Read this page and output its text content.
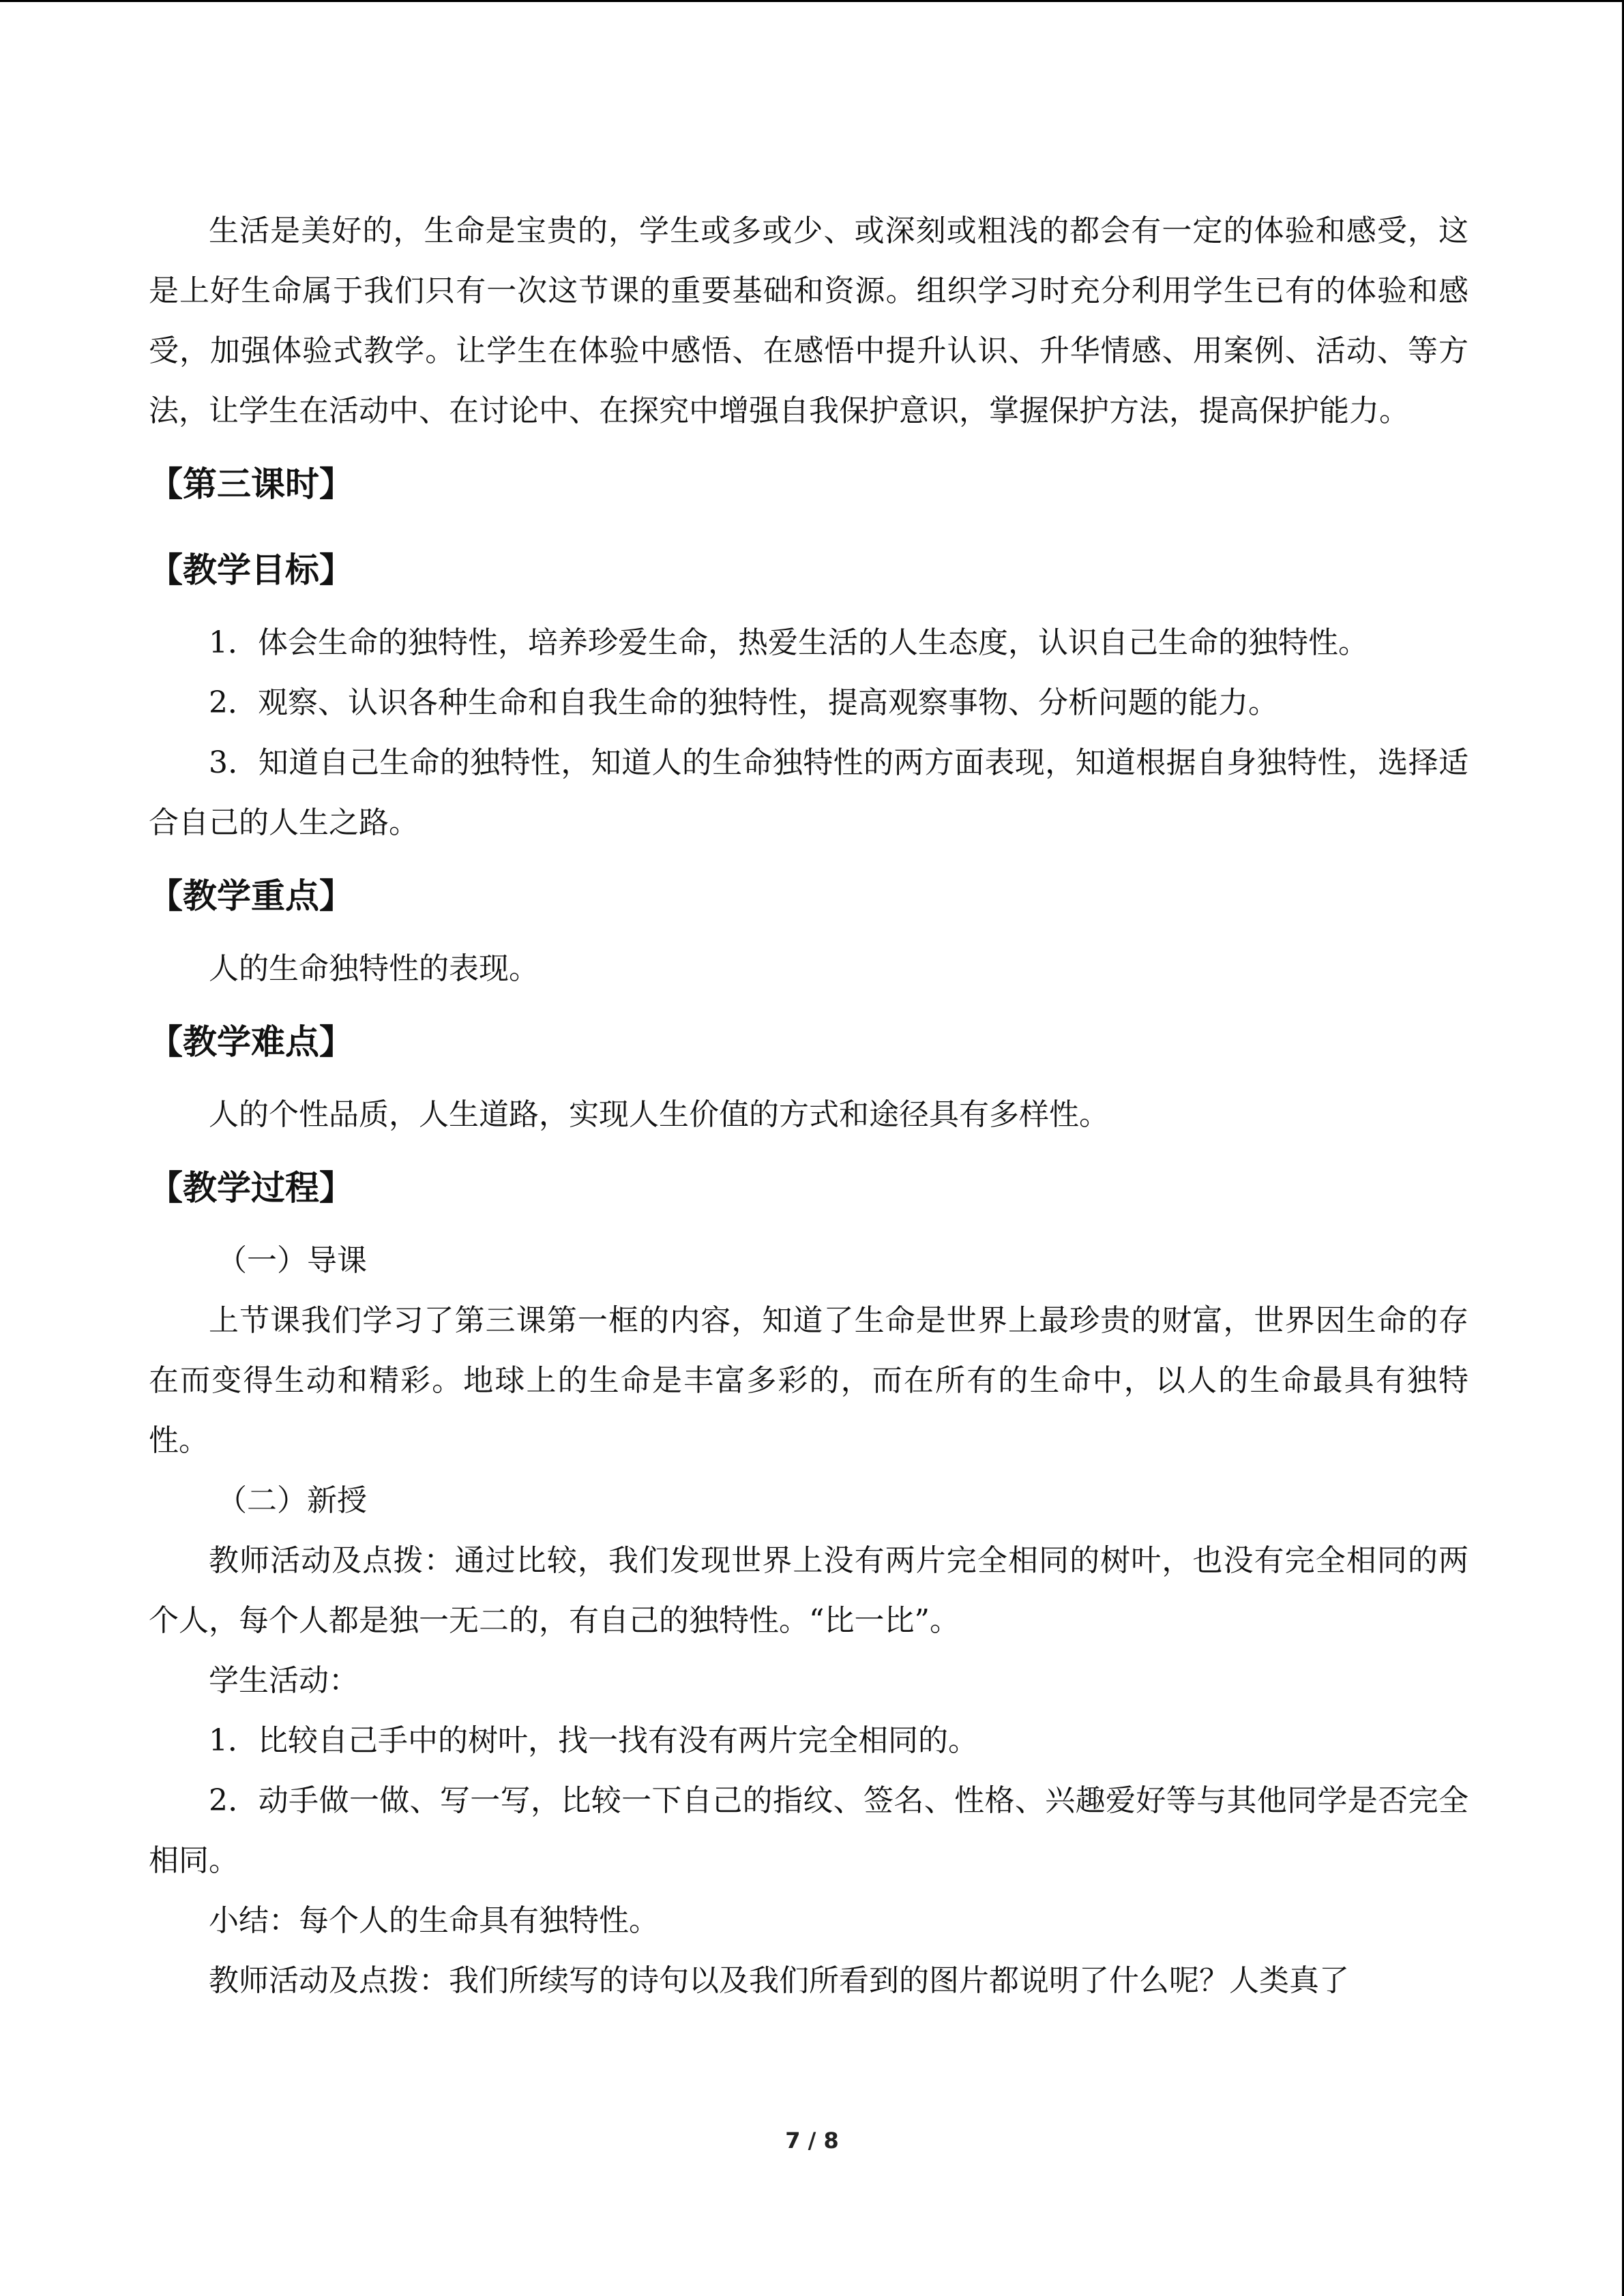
生活是美好的，生命是宝贵的，学生或多或少、或深刻或粗浅的都会有一定的体验和感受，这是上好生命属于我们只有一次这节课的重要基础和资源。组织学习时充分利用学生已有的体验和感受，加强体验式教学。让学生在体验中感悟、在感悟中提升认识、升华情感、用案例、活动、等方法，让学生在活动中、在讨论中、在探究中增强自我保护意识，掌握保护方法，提高保护能力。

【第三课时】

【教学目标】

1．体会生命的独特性，培养珍爱生命，热爱生活的人生态度，认识自己生命的独特性。

2．观察、认识各种生命和自我生命的独特性，提高观察事物、分析问题的能力。

3．知道自己生命的独特性，知道人的生命独特性的两方面表现，知道根据自身独特性，选择适合自己的人生之路。

【教学重点】

人的生命独特性的表现。

【教学难点】

人的个性品质，人生道路，实现人生价值的方式和途径具有多样性。

【教学过程】

（一）导课

上节课我们学习了第三课第一框的内容，知道了生命是世界上最珍贵的财富，世界因生命的存在而变得生动和精彩。地球上的生命是丰富多彩的，而在所有的生命中，以人的生命最具有独特性。

（二）新授

教师活动及点拨：通过比较，我们发现世界上没有两片完全相同的树叶，也没有完全相同的两个人，每个人都是独一无二的，有自己的独特性。“比一比”。

学生活动：

1．比较自己手中的树叶，找一找有没有两片完全相同的。

2．动手做一做、写一写，比较一下自己的指纹、签名、性格、兴趣爱好等与其他同学是否完全相同。

小结：每个人的生命具有独特性。

教师活动及点拨：我们所续写的诗句以及我们所看到的图片都说明了什么呢？人类真了

7 / 8
